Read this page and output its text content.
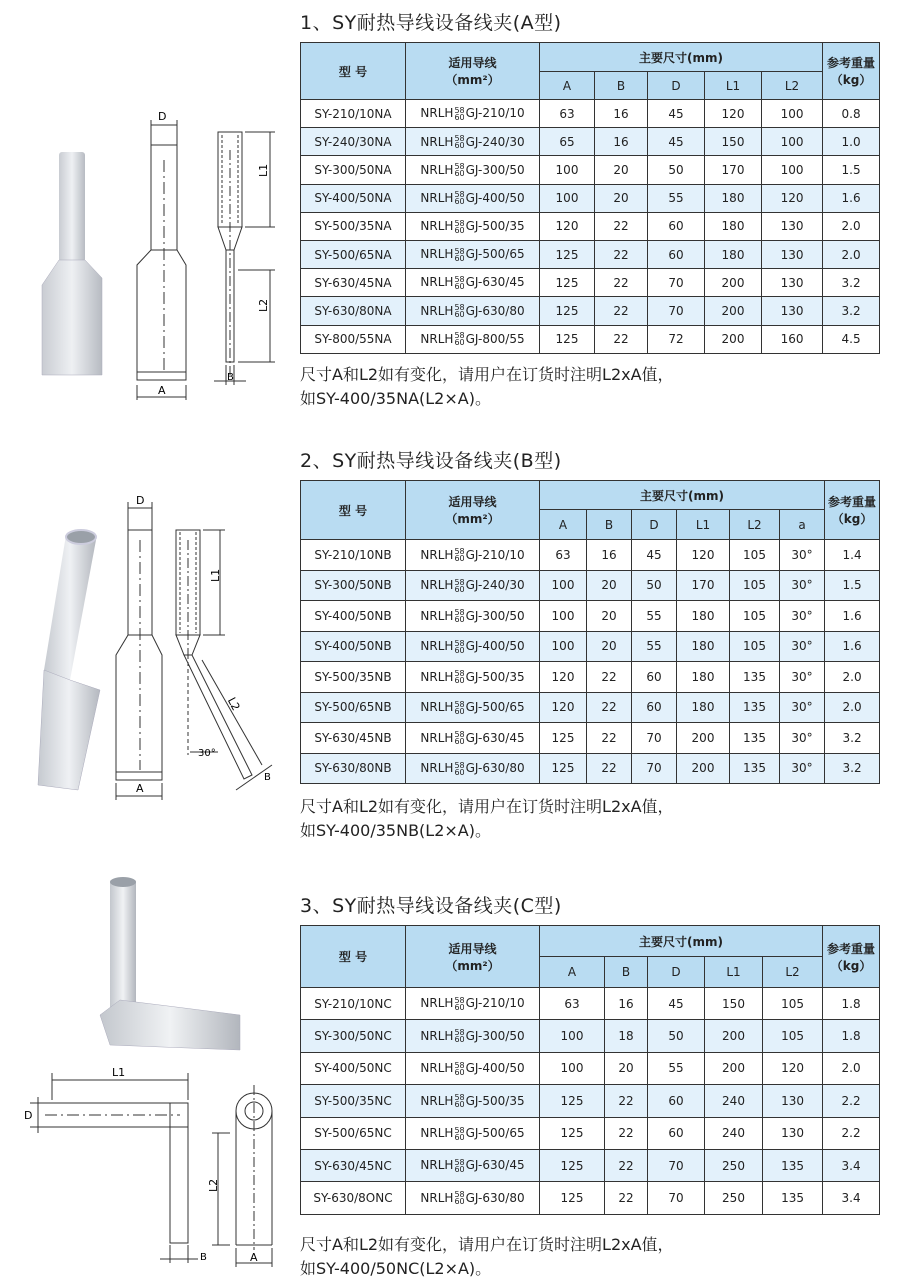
1、SY耐热导线设备线夹(A型)
型 号	适用导线
（mm²）	主要尺寸(mm)					参考重量
（kg）
		A	B	D	L1	L2	
SY-210/10NA	NRLH 58
60 GJ-210/10	63	16	45	120	100	0.8
SY-240/30NA	NRLH 58
60 GJ-240/30	65	16	45	150	100	1.0
SY-300/50NA	NRLH 58
60 GJ-300/50	100	20	50	170	100	1.5
SY-400/50NA	NRLH 58
60 GJ-400/50	100	20	55	180	120	1.6
SY-500/35NA	NRLH 58
60 GJ-500/35	120	22	60	180	130	2.0
SY-500/65NA	NRLH 58
60 GJ-500/65	125	22	60	180	130	2.0
SY-630/45NA	NRLH 58
60 GJ-630/45	125	22	70	200	130	3.2
SY-630/80NA	NRLH 58
60 GJ-630/80	125	22	70	200	130	3.2
SY-800/55NA	NRLH 58
60 GJ-800/55	125	22	72	200	160	4.5
尺寸A和L2如有变化，请用户在订货时注明L2xA值，
如SY-400/35NA(L2×A)。
D
A
L1
L2
B
2、SY耐热导线设备线夹(B型)
型 号	适用导线
（mm²）	主要尺寸(mm)						参考重量
（kg）
		A	B	D	L1	L2	a	
SY-210/10NB	NRLH 58
60 GJ-210/10	63	16	45	120	105	30°	1.4
SY-300/50NB	NRLH 58
60 GJ-240/30	100	20	50	170	105	30°	1.5
SY-400/50NB	NRLH 58
60 GJ-300/50	100	20	55	180	105	30°	1.6
SY-400/50NB	NRLH 58
60 GJ-400/50	100	20	55	180	105	30°	1.6
SY-500/35NB	NRLH 58
60 GJ-500/35	120	22	60	180	135	30°	2.0
SY-500/65NB	NRLH 58
60 GJ-500/65	120	22	60	180	135	30°	2.0
SY-630/45NB	NRLH 58
60 GJ-630/45	125	22	70	200	135	30°	3.2
SY-630/80NB	NRLH 58
60 GJ-630/80	125	22	70	200	135	30°	3.2
尺寸A和L2如有变化，请用户在订货时注明L2xA值，
如SY-400/35NB(L2×A)。
D
A
L1
L2
30°
B
3、SY耐热导线设备线夹(C型)
型 号	适用导线
（mm²）	主要尺寸(mm)					参考重量
（kg）
		A	B	D	L1	L2	
SY-210/10NC	NRLH 58
60 GJ-210/10	63	16	45	150	105	1.8
SY-300/50NC	NRLH 58
60 GJ-300/50	100	18	50	200	105	1.8
SY-400/50NC	NRLH 58
60 GJ-400/50	100	20	55	200	120	2.0
SY-500/35NC	NRLH 58
60 GJ-500/35	125	22	60	240	130	2.2
SY-500/65NC	NRLH 58
60 GJ-500/65	125	22	60	240	130	2.2
SY-630/45NC	NRLH 58
60 GJ-630/45	125	22	70	250	135	3.4
SY-630/8ONC	NRLH 58
60 GJ-630/80	125	22	70	250	135	3.4
尺寸A和L2如有变化，请用户在订货时注明L2xA值，
如SY-400/50NC(L2×A)。
L1
D
B
L2
A
